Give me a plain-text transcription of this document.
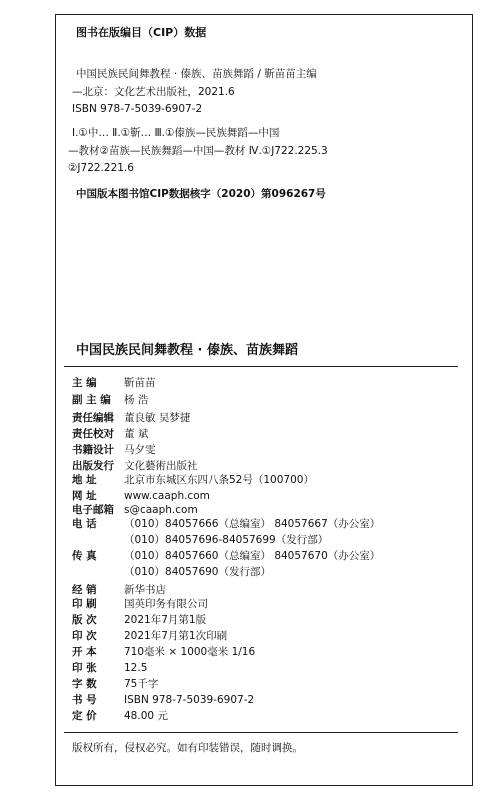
图书在版编目（CIP）数据
中国民族民间舞教程 · 傣族、苗族舞蹈 / 靳苗苗主编
—北京：文化艺术出版社，2021.6
ISBN 978-7-5039-6907-2
Ⅰ.①中… Ⅱ.①靳… Ⅲ.①傣族—民族舞蹈—中国
—教材②苗族—民族舞蹈—中国—教材 Ⅳ.①J722.225.3
②J722.221.6
中国版本图书馆CIP数据核字（2020）第096267号
中国民族民间舞教程 · 傣族、苗族舞蹈
主 编	靳苗苗
副 主 编 杨 浩
责任编辑 董良敏 吴梦捷
责任校对 董 斌
书籍设计 马夕雯
出版发行 文化藝術出版社
地 址	北京市东城区东四八条52号（100700）
网 址	www.caaph.com
电子邮箱 s@caaph.com
电 话	（010）84057666（总编室） 84057667（办公室）
（010）84057696-84057699（发行部）
传 真	（010）84057660（总编室） 84057670（办公室）
（010）84057690（发行部）
经 销	新华书店
印 刷	国英印务有限公司
版 次	2021年7月第1版
印 次	2021年7月第1次印刷
开 本	710毫米 × 1000毫米 1/16
印 张	12.5
字 数	75千字
书 号	ISBN 978-7-5039-6907-2
定 价	48.00 元
版权所有，侵权必究。如有印装错误，随时调换。
